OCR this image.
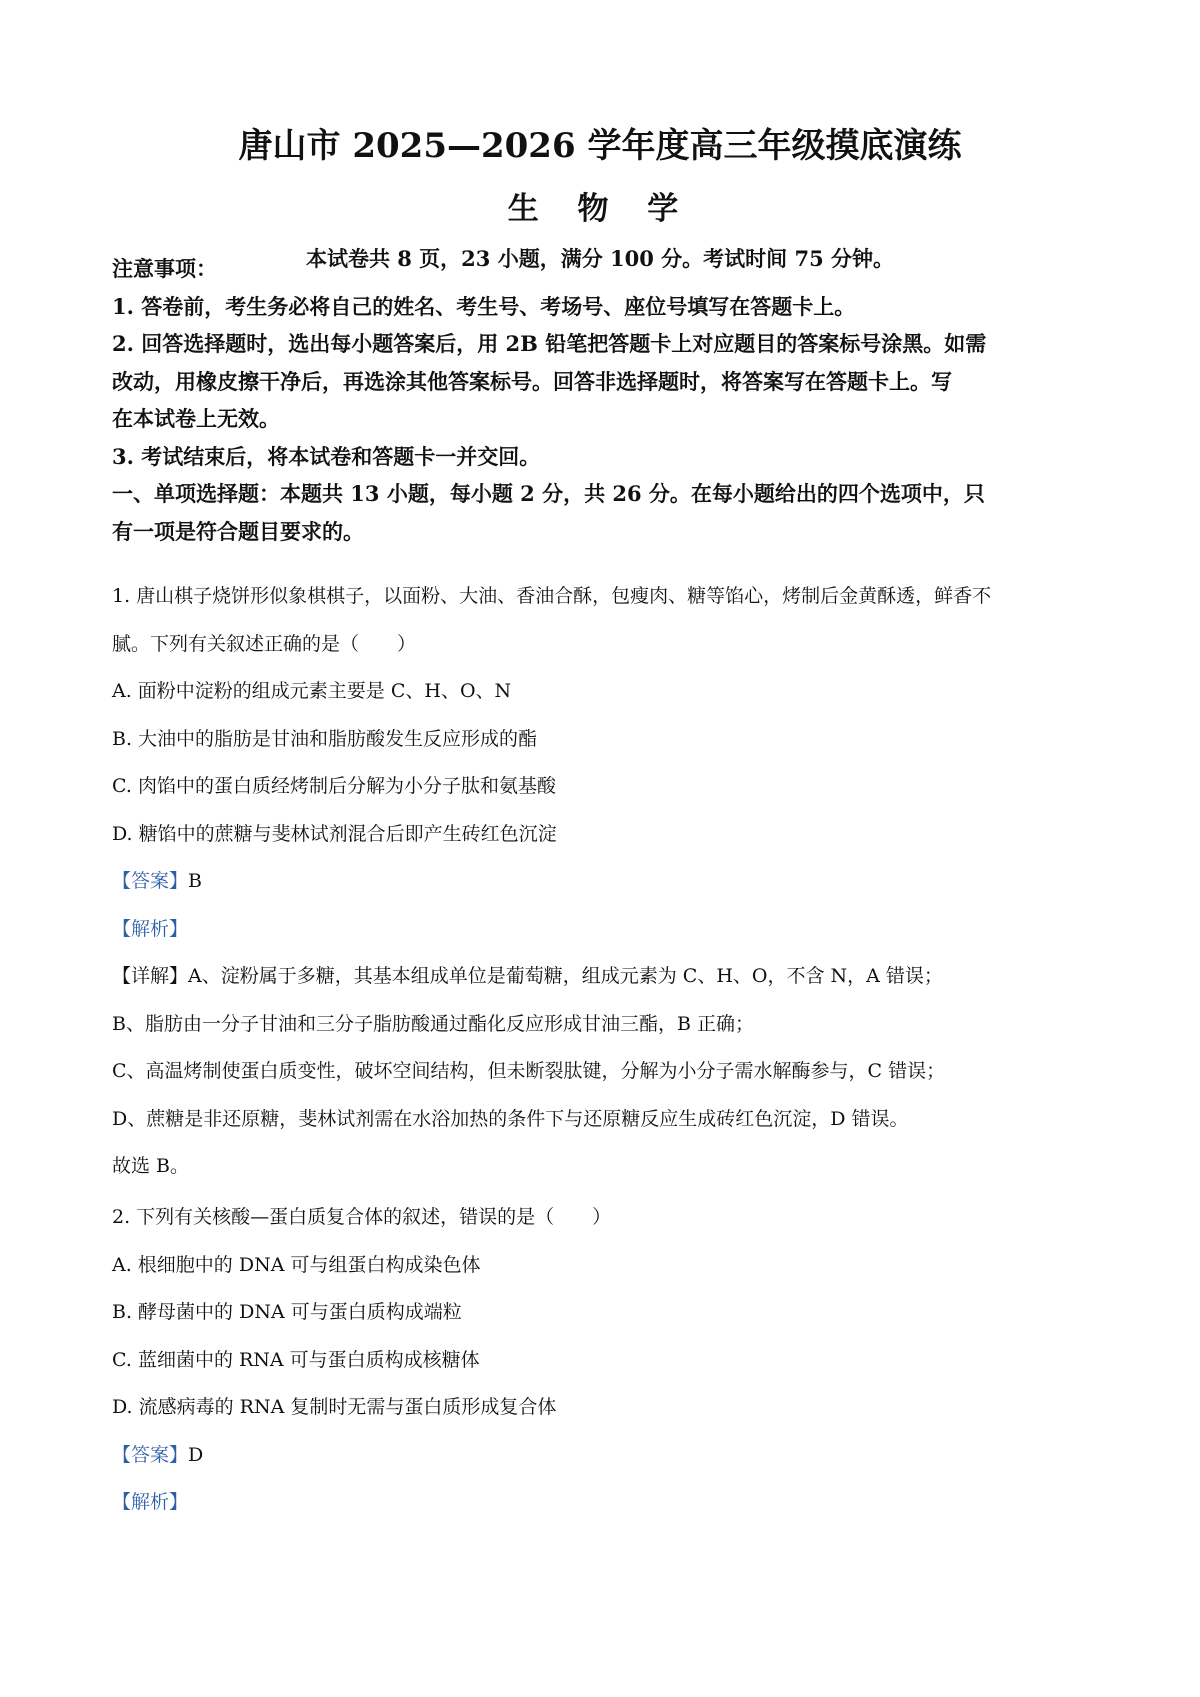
唐山市 2025—2026 学年度高三年级摸底演练
生 物 学
本试卷共 8 页，23 小题，满分 100 分。考试时间 75 分钟。

注意事项：

1. 答卷前，考生务必将自己的姓名、考生号、考场号、座位号填写在答题卡上。

2. 回答选择题时，选出每小题答案后，用 2B 铅笔把答题卡上对应题目的答案标号涂黑。如需

改动，用橡皮擦干净后，再选涂其他答案标号。回答非选择题时，将答案写在答题卡上。写

在本试卷上无效。

3. 考试结束后，将本试卷和答题卡一并交回。

一、单项选择题：本题共 13 小题，每小题 2 分，共 26 分。在每小题给出的四个选项中，只

有一项是符合题目要求的。

1. 唐山棋子烧饼形似象棋棋子，以面粉、大油、香油合酥，包瘦肉、糖等馅心，烤制后金黄酥透，鲜香不

腻。下列有关叙述正确的是（　　）

A. 面粉中淀粉的组成元素主要是 C、H、O、N

B. 大油中的脂肪是甘油和脂肪酸发生反应形成的酯

C. 肉馅中的蛋白质经烤制后分解为小分子肽和氨基酸

D. 糖馅中的蔗糖与斐林试剂混合后即产生砖红色沉淀

【答案】B

【解析】

【详解】A、淀粉属于多糖，其基本组成单位是葡萄糖，组成元素为 C、H、O，不含 N，A 错误；

B、脂肪由一分子甘油和三分子脂肪酸通过酯化反应形成甘油三酯，B 正确；

C、高温烤制使蛋白质变性，破坏空间结构，但未断裂肽键，分解为小分子需水解酶参与，C 错误；

D、蔗糖是非还原糖，斐林试剂需在水浴加热的条件下与还原糖反应生成砖红色沉淀，D 错误。

故选 B。

2. 下列有关核酸—蛋白质复合体的叙述，错误的是（　　）

A. 根细胞中的 DNA 可与组蛋白构成染色体

B. 酵母菌中的 DNA 可与蛋白质构成端粒

C. 蓝细菌中的 RNA 可与蛋白质构成核糖体

D. 流感病毒的 RNA 复制时无需与蛋白质形成复合体

【答案】D

【解析】
